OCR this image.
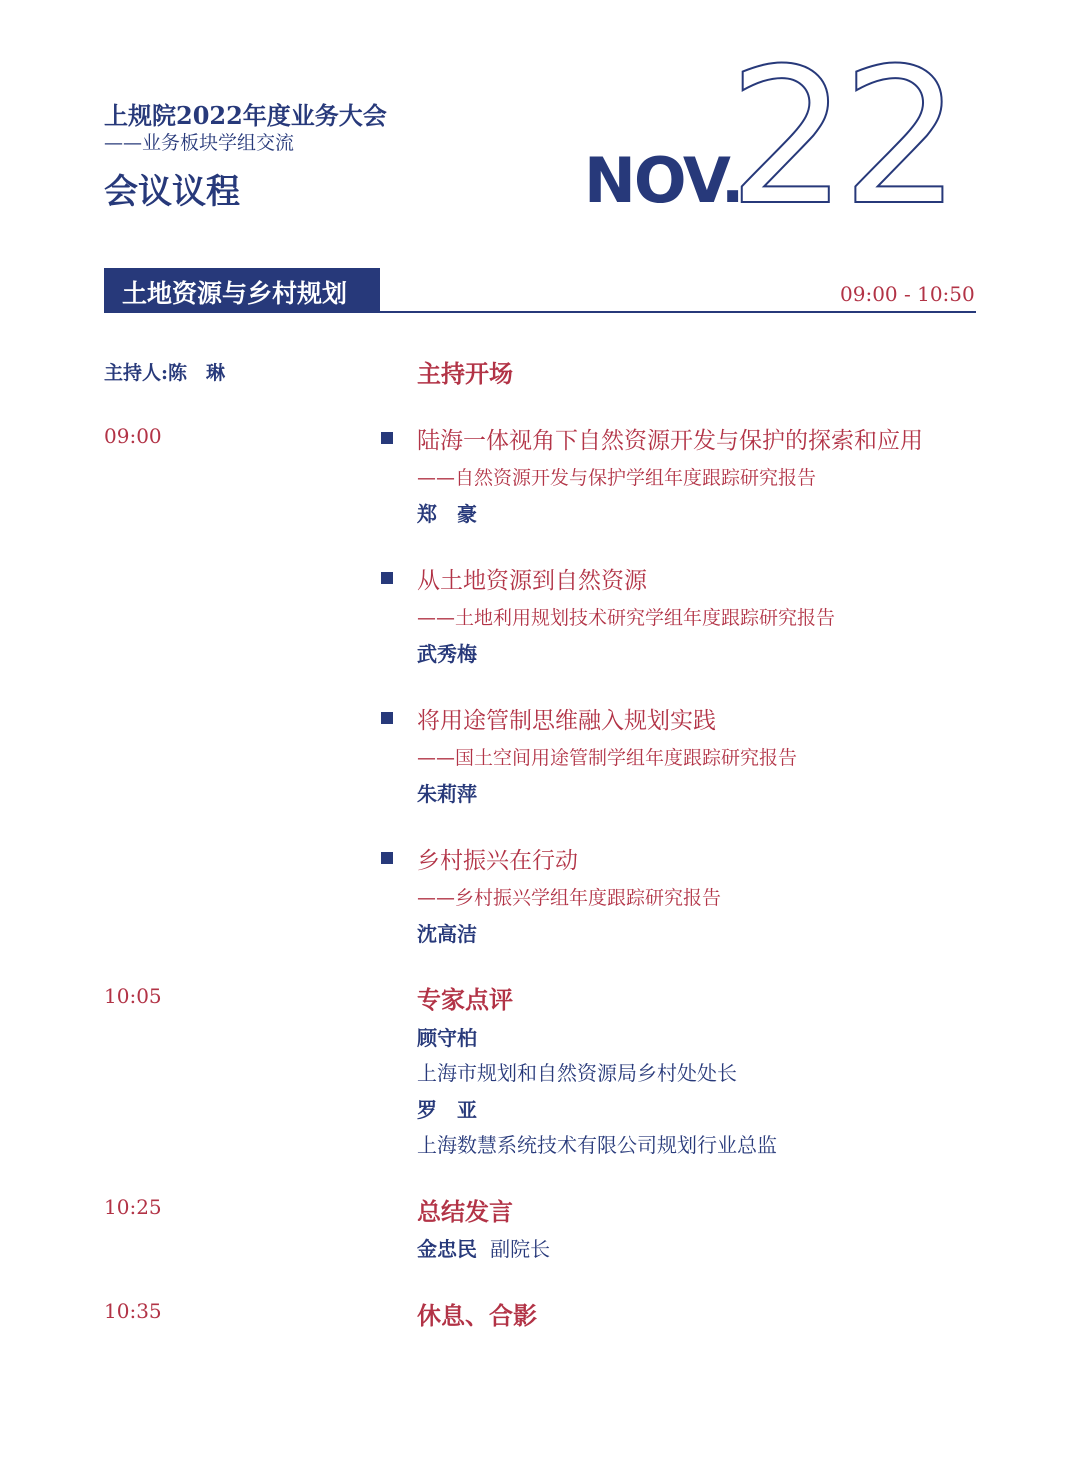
上规院2022年度业务大会
——业务板块学组交流
会议议程	NOV.
22
土地资源与乡村规划	09:00 - 10:50
主持人:陈　琳	主持开场
09:00	陆海一体视角下自然资源开发与保护的探索和应用
——自然资源开发与保护学组年度跟踪研究报告
郑　豪
从土地资源到自然资源
——土地利用规划技术研究学组年度跟踪研究报告
武秀梅
将用途管制思维融入规划实践
——国土空间用途管制学组年度跟踪研究报告
朱莉萍
乡村振兴在行动
——乡村振兴学组年度跟踪研究报告
沈高洁
10:05	专家点评
顾守柏
上海市规划和自然资源局乡村处处长
罗　亚
上海数慧系统技术有限公司规划行业总监
10:25	总结发言
金忠民 副院长
10:35	休息、合影
